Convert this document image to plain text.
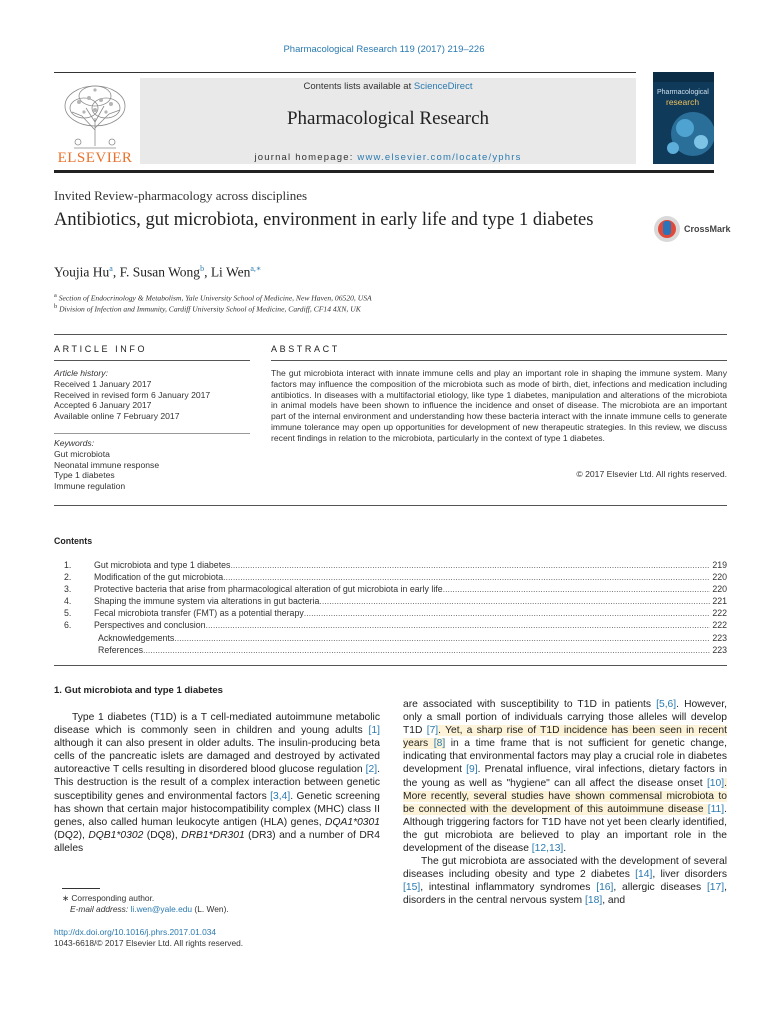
Pharmacological Research 119 (2017) 219–226
ELSEVIER
Contents lists available at ScienceDirect
Pharmacological Research
journal homepage: www.elsevier.com/locate/yphrs
Pharmacological
research
Invited Review-pharmacology across disciplines
Antibiotics, gut microbiota, environment in early life and type 1 diabetes	CrossMark
Youjia Hu$^a$, F. Susan Wong$^b$, Li Wen$^{a,∗}$
$^a$ Section of Endocrinology & Metabolism, Yale University School of Medicine, New Haven, 06520, USA
$^b$ Division of Infection and Immunity, Cardiff University School of Medicine, Cardiff, CF14 4XN, UK
ARTICLE INFO	ABSTRACT
Article history:
Received 1 January 2017
Received in revised form 6 January 2017
Accepted 6 January 2017
Available online 7 February 2017
Keywords:
Gut microbiota
Neonatal immune response
Type 1 diabetes
Immune regulation
The gut microbiota interact with innate immune cells and play an important role in shaping the immune system. Many factors may influence the composition of the microbiota such as mode of birth, diet, infections and medication including antibiotics. In diseases with a multifactorial etiology, like type 1 diabetes, manipulation and alterations of the microbiota in animal models have been shown to influence the incidence and onset of disease. The microbiota are an important part of the internal environment and understanding how these bacteria interact with the innate immune cells to generate immune tolerance may open up opportunities for development of new therapeutic strategies. In this review, we discuss recent findings in relation to the microbiota, particularly in the context of type 1 diabetes.
© 2017 Elsevier Ltd. All rights reserved.
Contents
1.	Gut microbiota and type 1 diabetes .....	219
2.	Modification of the gut microbiota .....	220
3.	Protective bacteria that arise from pharmacological alteration of gut microbiota in early life .....	220
4.	Shaping the immune system via alterations in gut bacteria .....	221
5.	Fecal microbiota transfer (FMT) as a potential therapy .....	222
6.	Perspectives and conclusion .....	222
Acknowledgements .....	223
References .....	223
1. Gut microbiota and type 1 diabetes
Type 1 diabetes (T1D) is a T cell-mediated autoimmune metabolic disease which is commonly seen in children and young adults [1] although it can also present in older adults. The insulin-producing beta cells of the pancreatic islets are damaged and destroyed by activated autoreactive T cells resulting in disordered blood glucose regulation [2]. This destruction is the result of a complex interaction between genetic susceptibility genes and environmental factors [3,4]. Genetic screening has shown that certain major histocompatibility complex (MHC) class II genes, also called human leukocyte antigen (HLA) genes, DQA1*0301 (DQ2), DQB1*0302 (DQ8), DRB1*DR301 (DR3) and a number of DR4 alleles
are associated with susceptibility to T1D in patients [5,6]. However, only a small portion of individuals carrying those alleles will develop T1D [7]. Yet, a sharp rise of T1D incidence has been seen in recent years [8] in a time frame that is not sufficient for genetic change, indicating that environmental factors may play a crucial role in diabetes development [9]. Prenatal influence, viral infections, dietary factors in the young as well as "hygiene" can all affect the disease onset [10]. More recently, several studies have shown commensal microbiota to be connected with the development of this autoimmune disease [11]. Although triggering factors for T1D have not yet been clearly identified, the gut microbiota are believed to play an important role in the development of the disease [12,13].
The gut microbiota are associated with the development of several diseases including obesity and type 2 diabetes [14], liver disorders [15], intestinal inflammatory syndromes [16], allergic diseases [17], disorders in the central nervous system [18], and
∗ Corresponding author.
E-mail address: li.wen@yale.edu (L. Wen).
http://dx.doi.org/10.1016/j.phrs.2017.01.034
1043-6618/© 2017 Elsevier Ltd. All rights reserved.
